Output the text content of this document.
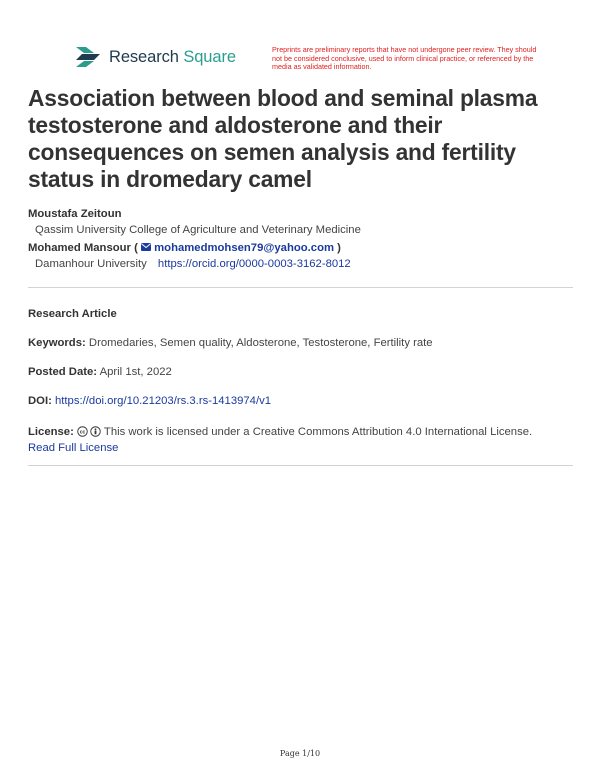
Research Square	Preprints are preliminary reports that have not undergone peer review. They should not be considered conclusive, used to inform clinical practice, or referenced by the media as validated information.
Association between blood and seminal plasma testosterone and aldosterone and their consequences on semen analysis and fertility status in dromedary camel
Moustafa Zeitoun
Qassim University College of Agriculture and Veterinary Medicine
Mohamed Mansour (  mohamedmohsen79@yahoo.com )
Damanhour University https://orcid.org/0000-0003-3162-8012
Research Article
Keywords: Dromedaries, Semen quality, Aldosterone, Testosterone, Fertility rate
Posted Date: April 1st, 2022
DOI: https://doi.org/10.21203/rs.3.rs-1413974/v1
License: cc This work is licensed under a Creative Commons Attribution 4.0 International License.
Read Full License
Page 1/10
